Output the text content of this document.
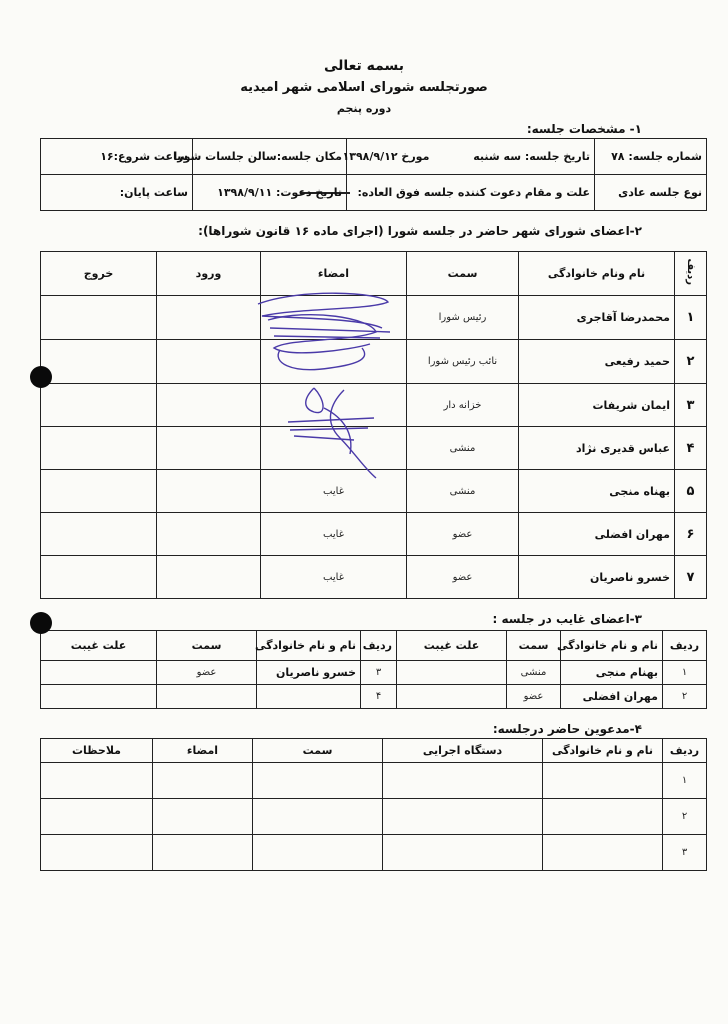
بسمه تعالی
صورتجلسه شورای اسلامی شهر امیدیه
دوره پنجم
۱- مشخصات جلسه:
شماره جلسه: ۷۸	تاریخ جلسه: سه شنبه مورخ ۱۳۹۸/۹/۱۲	مکان جلسه:سالن جلسات شورا	ساعت شروع:۱۶
نوع جلسه عادی	علت و مقام دعوت کننده جلسه فوق العاده:	تاریخ دعوت: ۱۳۹۸/۹/۱۱	ساعت پایان:
۲-اعضای شورای شهر حاضر در جلسه شورا (اجرای ماده ۱۶ قانون شوراها):
ردیف	نام ونام خانوادگی	سمت	امضاء	ورود	خروج
۱	محمدرضا آقاجری	رئیس شورا			
۲	حمید رفیعی	نائب رئیس شورا			
۳	ایمان شریفات	خزانه دار			
۴	عباس قدیری نژاد	منشی			
۵	بهناه منجی	منشی	غایب		
۶	مهران افضلی	عضو	غایب		
۷	خسرو ناصریان	عضو	غایب		
۳-اعضای غایب در جلسه :
ردیف	نام و نام خانوادگی	سمت	علت غیبت	ردیف	نام و نام خانوادگی	سمت	علت غیبت
۱	بهنام منجی	منشی		۳	خسرو ناصریان	عضو	
۲	مهران افضلی	عضو		۴			
۴-مدعوین حاضر درجلسه:
ردیف	نام و نام خانوادگی	دستگاه اجرایی	سمت	امضاء	ملاحظات
۱					
۲					
۳					
